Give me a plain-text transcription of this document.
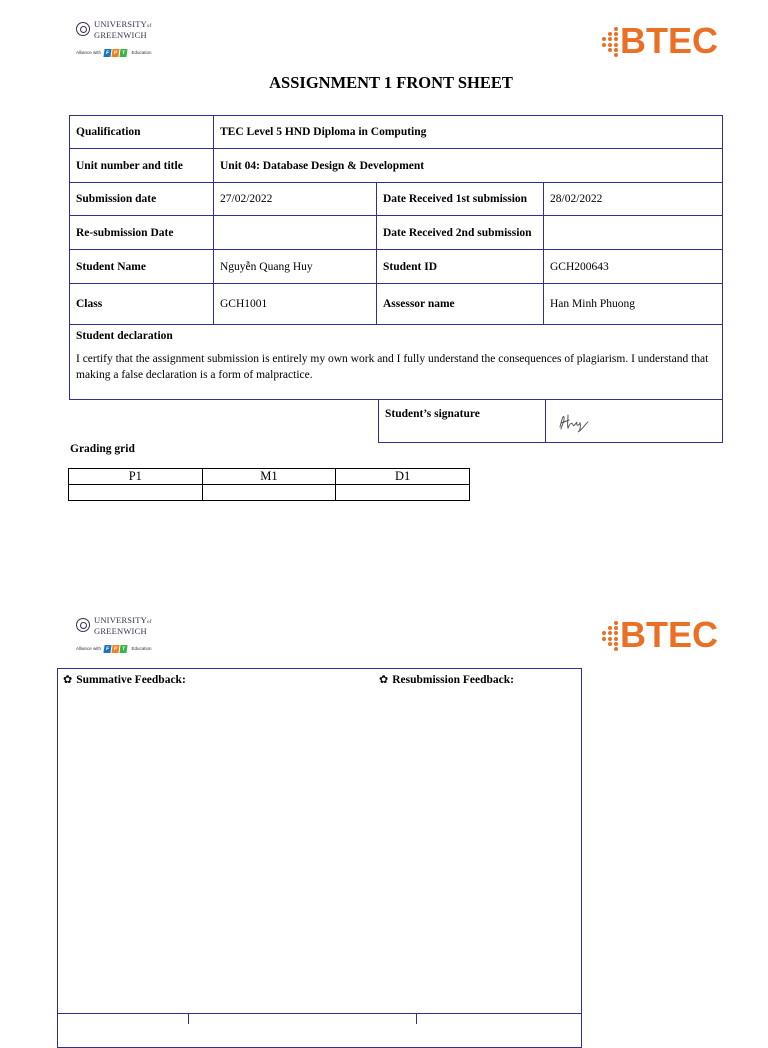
UNIVERSITYof
GREENWICH
Alliance with F P T Education	BTEC
ASSIGNMENT 1 FRONT SHEET
Qualification	TEC Level 5 HND Diploma in Computing		
Unit number and title	Unit 04: Database Design & Development		
Submission date	27/02/2022	Date Received 1st submission	28/02/2022
Re-submission Date		Date Received 2nd submission	
Student Name	Nguyễn Quang Huy	Student ID	GCH200643
Class	GCH1001	Assessor name	Han Minh Phuong

Student declaration
I certify that the assignment submission is entirely my own work and I fully understand the consequences of plagiarism. I understand that making a false declaration is a form of malpractice.			
Student’s signature	
Grading grid
P1	M1	D1

UNIVERSITYof
GREENWICH
Alliance with F P T Education	BTEC
✿ Summative Feedback:	✿ Resubmission Feedback:
